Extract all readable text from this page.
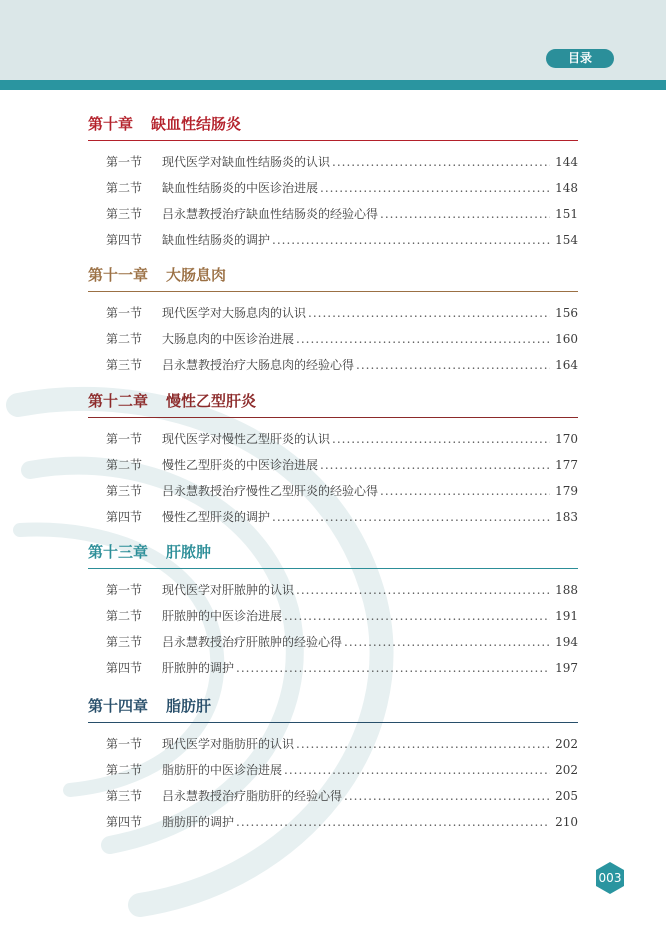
目录
第十章 缺血性结肠炎
第一节	现代医学对缺血性结肠炎的认识 .....	144
第二节	缺血性结肠炎的中医诊治进展 .....	148
第三节	吕永慧教授治疗缺血性结肠炎的经验心得 .....	151
第四节	缺血性结肠炎的调护 .....	154
第十一章 大肠息肉
第一节	现代医学对大肠息肉的认识 .....	156
第二节	大肠息肉的中医诊治进展 .....	160
第三节	吕永慧教授治疗大肠息肉的经验心得 .....	164
第十二章 慢性乙型肝炎
第一节	现代医学对慢性乙型肝炎的认识 .....	170
第二节	慢性乙型肝炎的中医诊治进展 .....	177
第三节	吕永慧教授治疗慢性乙型肝炎的经验心得 .....	179
第四节	慢性乙型肝炎的调护 .....	183
第十三章 肝脓肿
第一节	现代医学对肝脓肿的认识 .....	188
第二节	肝脓肿的中医诊治进展 .....	191
第三节	吕永慧教授治疗肝脓肿的经验心得 .....	194
第四节	肝脓肿的调护 .....	197
第十四章 脂肪肝
第一节	现代医学对脂肪肝的认识 .....	202
第二节	脂肪肝的中医诊治进展 .....	202
第三节	吕永慧教授治疗脂肪肝的经验心得 .....	205
第四节	脂肪肝的调护 .....	210
003
